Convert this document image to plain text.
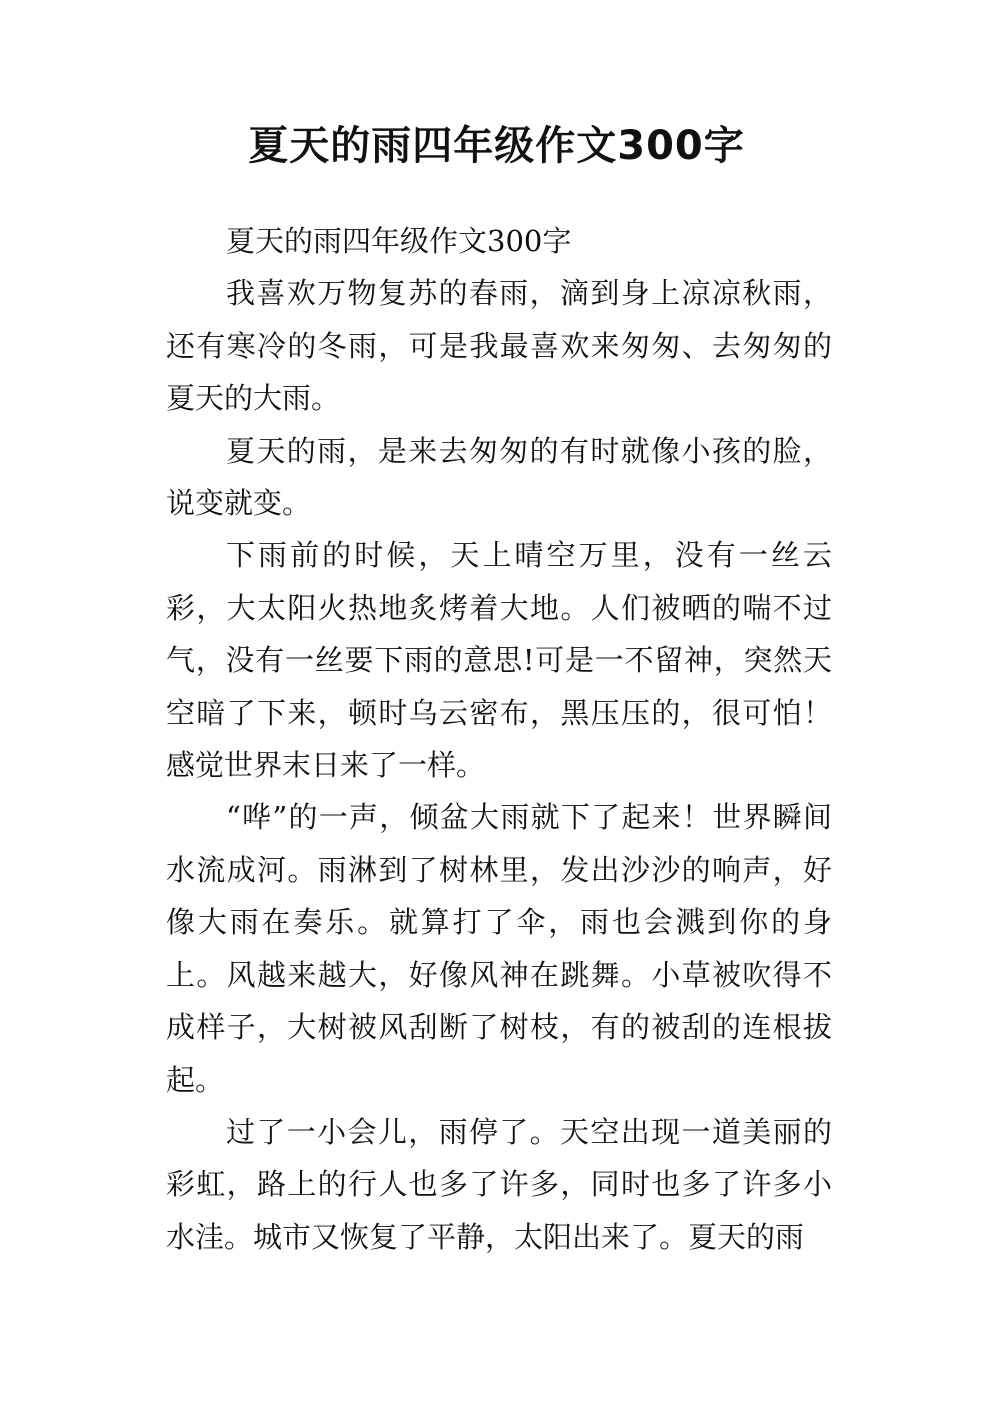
夏天的雨四年级作文300字

夏天的雨四年级作文300字

我喜欢万物复苏的春雨，滴到身上凉凉秋雨，还有寒冷的冬雨，可是我最喜欢来匆匆、去匆匆的夏天的大雨。

夏天的雨，是来去匆匆的有时就像小孩的脸，说变就变。

下雨前的时候，天上晴空万里，没有一丝云彩，大太阳火热地炙烤着大地。人们被晒的喘不过气，没有一丝要下雨的意思!可是一不留神，突然天空暗了下来，顿时乌云密布，黑压压的，很可怕！感觉世界末日来了一样。

“哗”的一声，倾盆大雨就下了起来！世界瞬间水流成河。雨淋到了树林里，发出沙沙的响声，好像大雨在奏乐。就算打了伞，雨也会溅到你的身上。风越来越大，好像风神在跳舞。小草被吹得不成样子，大树被风刮断了树枝，有的被刮的连根拔起。

过了一小会儿，雨停了。天空出现一道美丽的彩虹，路上的行人也多了许多，同时也多了许多小水洼。城市又恢复了平静，太阳出来了。夏天的雨
